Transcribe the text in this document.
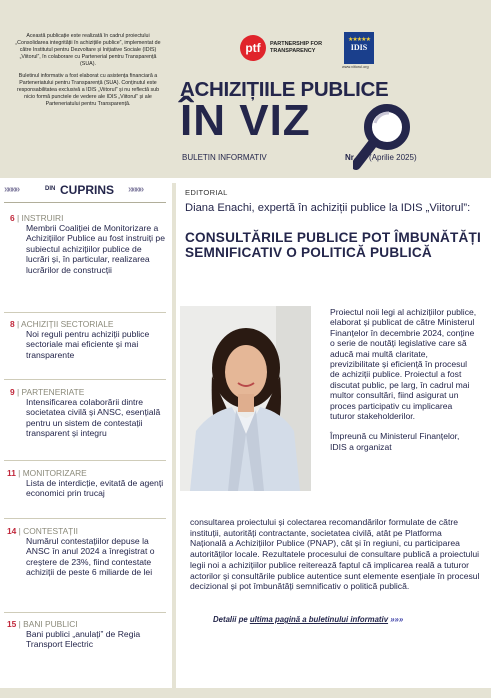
Această publicație este realizată în cadrul proiectului „Consolidarea integrității în achizițiile publice”, implementat de către Institutul pentru Dezvoltare și Inițiative Sociale (IDIS) „Viitorul”, în colaborare cu Partenerial pentru Transparență (SUA).

Buletinul informativ a fost elaborat cu asistența financiară a Parteneriatului pentru Transparență (SUA). Conținutul este responsabilitatea exclusivă a IDIS „Viitorul” și nu reflectă sub nicio formă punctele de vedere ale IDIS „Viitorul” și ale Parteneriatului pentru Transparență.

ptf	PARTNERSHIP FOR
TRANSPARENCY
★★★★★
IDIS
www.viitorul.org
ACHIZIȚIILE PUBLICE
ÎN VIZ
BULETIN INFORMATIV	Nr. 14 (Aprilie 2025)
»»»»	DIN CUPRINS »»»»
6 | INSTRUIRI
Membrii Coaliției de Monitorizare a Achizițiilor Publice au fost instruiți pe subiectul achizițiilor publice de lucrări și, în particular, realizarea lucrărilor de construcții
8 | ACHIZIȚII SECTORIALE
Noi reguli pentru achiziții publice sectoriale mai eficiente și mai transparente
9 | PARTENERIATE
Intensificarea colaborării dintre societatea civilă și ANSC, esențială pentru un sistem de contestații transparent și integru
11 | MONITORIZARE
Lista de interdicție, evitată de agenți economici prin trucaj
14 | CONTESTAȚII
Numărul contestațiilor depuse la ANSC în anul 2024 a înregistrat o creștere de 23%, fiind contestate achiziții de peste 6 miliarde de lei
15 | BANI PUBLICI
Bani publici „anulați” de Regia Transport Electric
EDITORIAL
Diana Enachi, expertă în achiziții publice la IDIS „Viitorul”:
CONSULTĂRILE PUBLICE POT ÎMBUNĂTĂȚI SEMNIFICATIV O POLITICĂ PUBLICĂ

Proiectul noii legi al achizițiilor publice, elaborat și publicat de către Ministerul Finanțelor în decembrie 2024, conține o serie de noutăți legislative care să aducă mai multă claritate, previzibilitate și eficiență în procesul de achiziții publice. Proiectul a fost discutat public, pe larg, în cadrul mai multor consultări, fiind asigurat un proces participativ cu implicarea tuturor stakeholderilor.

Împreună cu Ministerul Finanțelor, IDIS a organizat

consultarea proiectului și colectarea recomandărilor formulate de către instituții, autorități contractante, societatea civilă, atât pe Platforma Națională a Achizițiilor Publice (PNAP), cât și în regiuni, cu participarea autorităților locale. Rezultatele procesului de consultare publică a proiectului legii noi a achizițiilor publice reiterează faptul că implicarea reală a tuturor actorilor și consultările publice autentice sunt elemente esențiale în procesul decizional și pot îmbunătăți semnificativ o politică publică.
Detalii pe ultima pagină a buletinului informativ »»»
